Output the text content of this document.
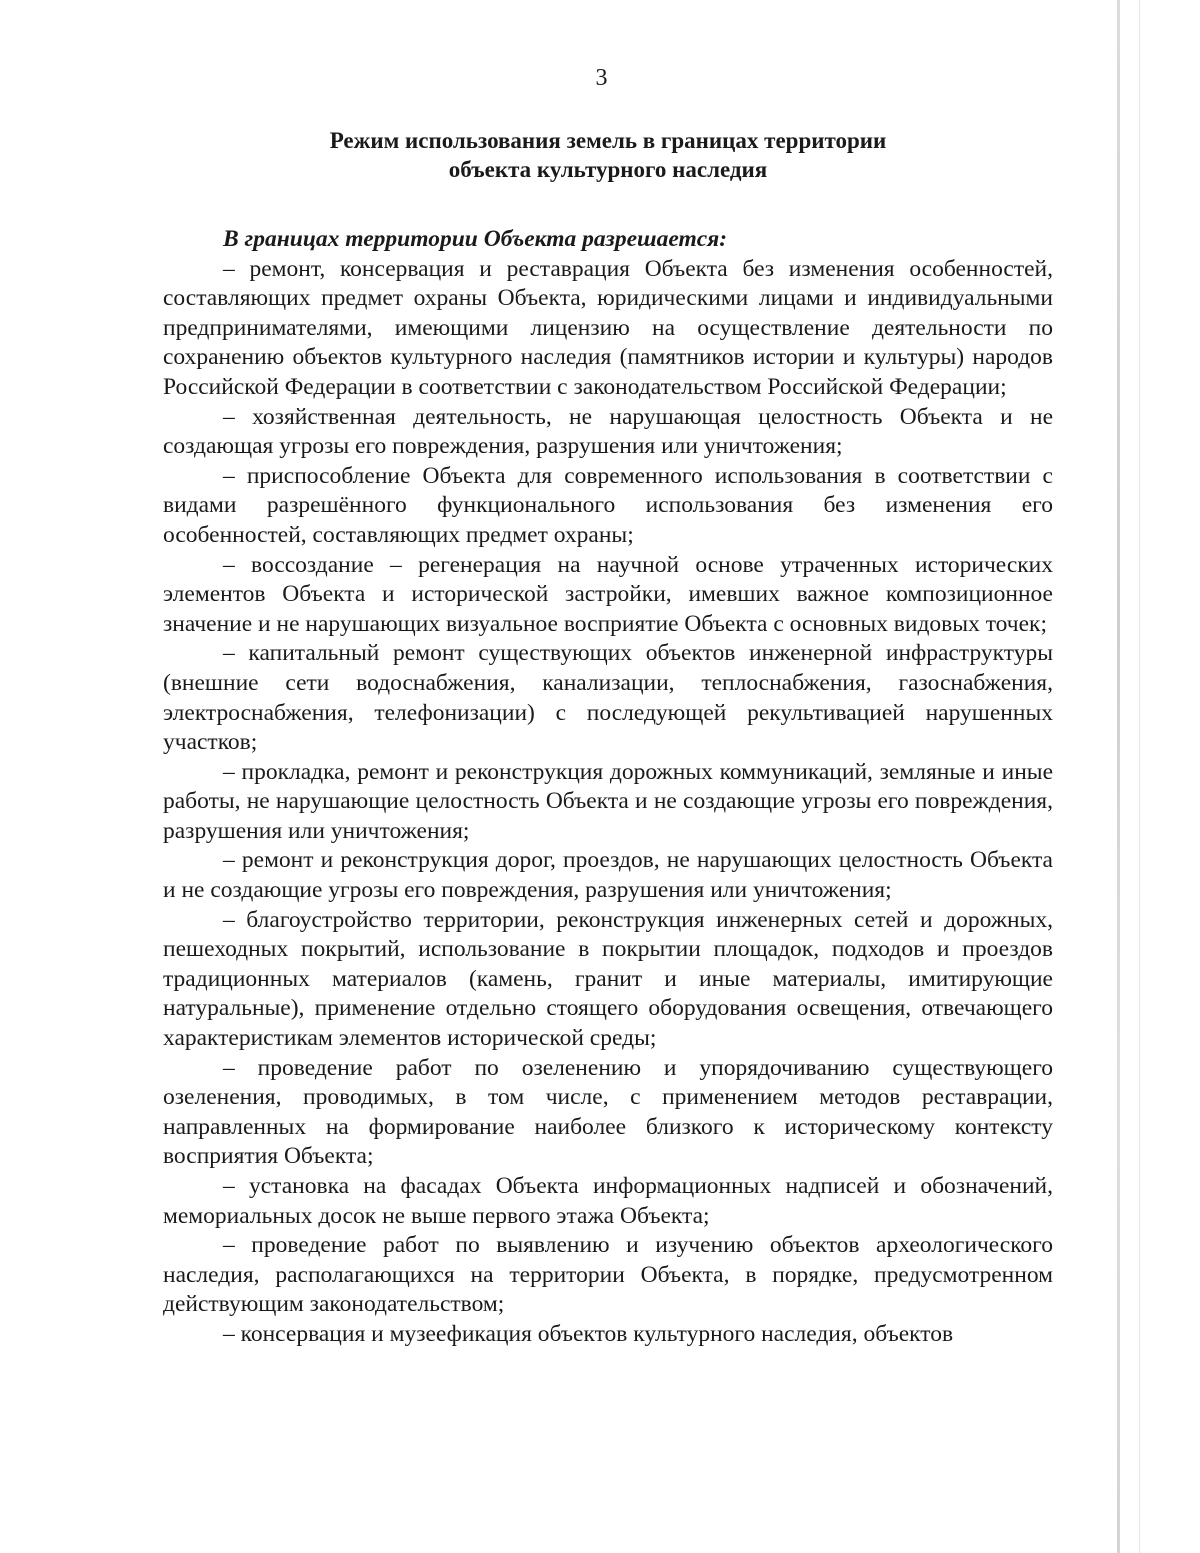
3
Режим использования земель в границах территории
объекта культурного наследия
В границах территории Объекта разрешается:

– ремонт, консервация и реставрация Объекта без изменения особенностей, составляющих предмет охраны Объекта, юридическими лицами и индивидуальными предпринимателями, имеющими лицензию на осуществление деятельности по сохранению объектов культурного наследия (памятников истории и культуры) народов Российской Федерации в соответствии с законодательством Российской Федерации;

– хозяйственная деятельность, не нарушающая целостность Объекта и не создающая угрозы его повреждения, разрушения или уничтожения;

– приспособление Объекта для современного использования в соответствии с видами разрешённого функционального использования без изменения его особенностей, составляющих предмет охраны;

– воссоздание – регенерация на научной основе утраченных исторических элементов Объекта и исторической застройки, имевших важное композиционное значение и не нарушающих визуальное восприятие Объекта с основных видовых точек;

– капитальный ремонт существующих объектов инженерной инфраструктуры (внешние сети водоснабжения, канализации, теплоснабжения, газоснабжения, электроснабжения, телефонизации) с последующей рекультивацией нарушенных участков;

– прокладка, ремонт и реконструкция дорожных коммуникаций, земляные и иные работы, не нарушающие целостность Объекта и не создающие угрозы его повреждения, разрушения или уничтожения;

– ремонт и реконструкция дорог, проездов, не нарушающих целостность Объекта и не создающие угрозы его повреждения, разрушения или уничтожения;

– благоустройство территории, реконструкция инженерных сетей и дорожных, пешеходных покрытий, использование в покрытии площадок, подходов и проездов традиционных материалов (камень, гранит и иные материалы, имитирующие натуральные), применение отдельно стоящего оборудования освещения, отвечающего характеристикам элементов исторической среды;

– проведение работ по озеленению и упорядочиванию существующего озеленения, проводимых, в том числе, с применением методов реставрации, направленных на формирование наиболее близкого к историческому контексту восприятия Объекта;

– установка на фасадах Объекта информационных надписей и обозначений, мемориальных досок не выше первого этажа Объекта;

– проведение работ по выявлению и изучению объектов археологического наследия, располагающихся на территории Объекта, в порядке, предусмотренном действующим законодательством;

– консервация и музеефикация объектов культурного наследия, объектов
